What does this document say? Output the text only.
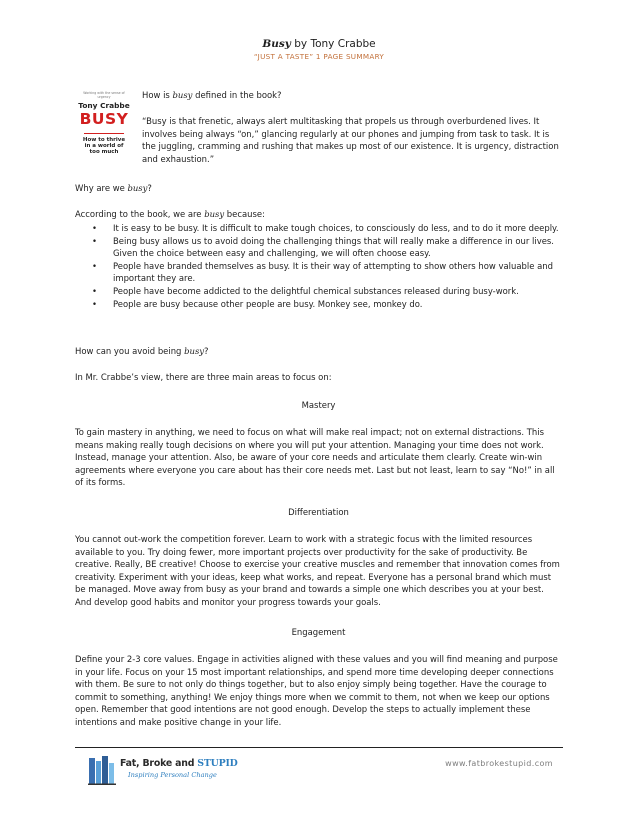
Busy by Tony Crabbe
“JUST A TASTE” 1 PAGE SUMMARY
Working with the sense of urgency
Tony Crabbe
BUSY
How to thrive
in a world of
too much
How is busy defined in the book?
“Busy is that frenetic, always alert multitasking that propels us through overburdened lives. It involves being always “on,” glancing regularly at our phones and jumping from task to task. It is the juggling, cramming and rushing that makes up most of our existence. It is urgency, distraction and exhaustion.”
Why are we busy?
According to the book, we are busy because:
• It is easy to be busy. It is difficult to make tough choices, to consciously do less, and to do it more deeply.
• Being busy allows us to avoid doing the challenging things that will really make a difference in our lives. Given the choice between easy and challenging, we will often choose easy.
• People have branded themselves as busy. It is their way of attempting to show others how valuable and important they are.
• People have become addicted to the delightful chemical substances released during busy-work.
• People are busy because other people are busy. Monkey see, monkey do.
How can you avoid being busy?
In Mr. Crabbe’s view, there are three main areas to focus on:
Mastery
To gain mastery in anything, we need to focus on what will make real impact; not on external distractions. This means making really tough decisions on where you will put your attention. Managing your time does not work. Instead, manage your attention. Also, be aware of your core needs and articulate them clearly. Create win-win agreements where everyone you care about has their core needs met. Last but not least, learn to say “No!” in all of its forms.
Differentiation
You cannot out-work the competition forever. Learn to work with a strategic focus with the limited resources available to you. Try doing fewer, more important projects over productivity for the sake of productivity. Be creative. Really, BE creative! Choose to exercise your creative muscles and remember that innovation comes from creativity. Experiment with your ideas, keep what works, and repeat. Everyone has a personal brand which must be managed. Move away from busy as your brand and towards a simple one which describes you at your best. And develop good habits and monitor your progress towards your goals.
Engagement
Define your 2-3 core values. Engage in activities aligned with these values and you will find meaning and purpose in your life. Focus on your 15 most important relationships, and spend more time developing deeper connections with them. Be sure to not only do things together, but to also enjoy simply being together. Have the courage to commit to something, anything! We enjoy things more when we commit to them, not when we keep our options open. Remember that good intentions are not good enough. Develop the steps to actually implement these intentions and make positive change in your life.
Fat, Broke and STUPID
Inspiring Personal Change
www.fatbrokestupid.com
